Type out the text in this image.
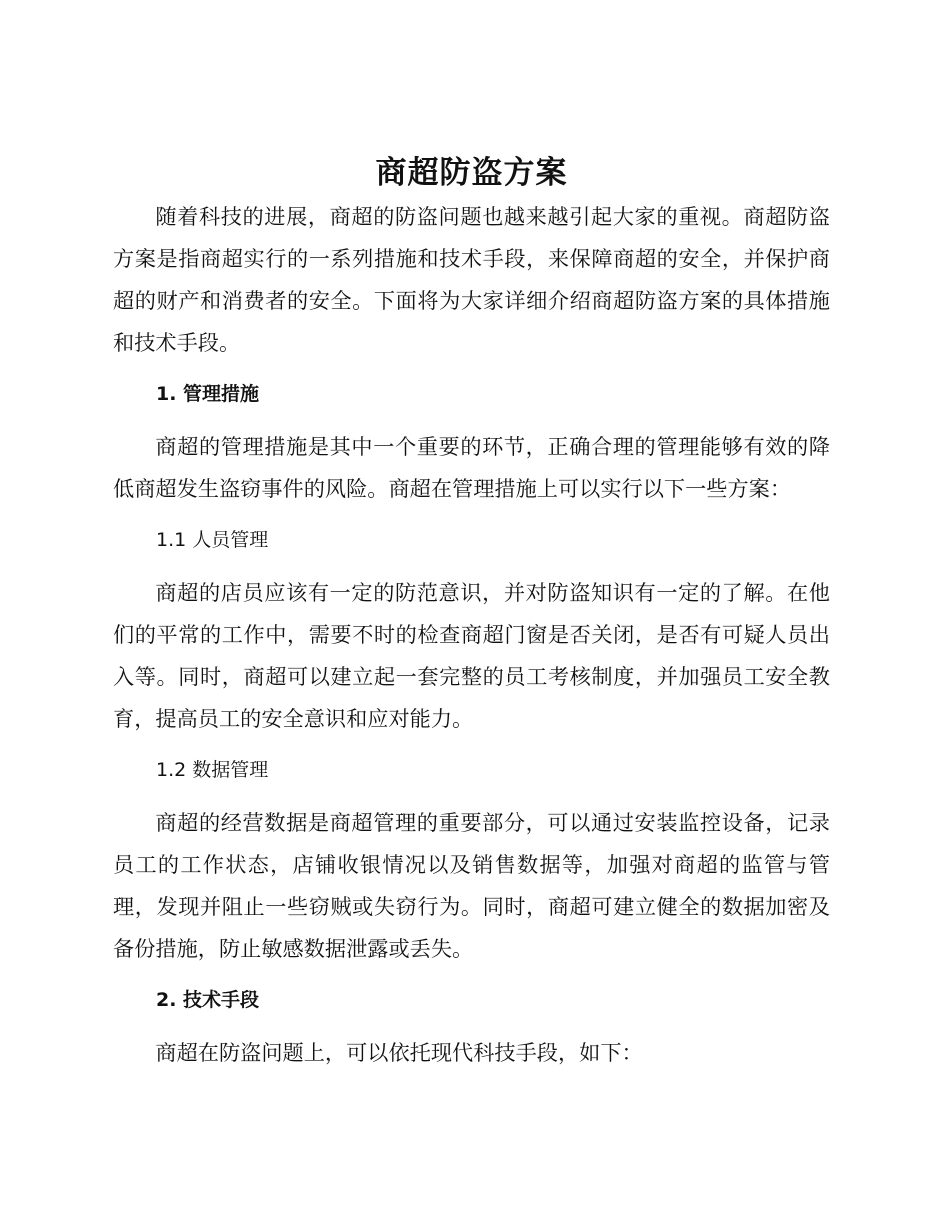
商超防盗方案

随着科技的进展，商超的防盗问题也越来越引起大家的重视。商超防盗方案是指商超实行的一系列措施和技术手段，来保障商超的安全，并保护商超的财产和消费者的安全。下面将为大家详细介绍商超防盗方案的具体措施和技术手段。

1. 管理措施

商超的管理措施是其中一个重要的环节，正确合理的管理能够有效的降低商超发生盗窃事件的风险。商超在管理措施上可以实行以下一些方案：

1.1 人员管理

商超的店员应该有一定的防范意识，并对防盗知识有一定的了解。在他们的平常的工作中，需要不时的检查商超门窗是否关闭，是否有可疑人员出入等。同时，商超可以建立起一套完整的员工考核制度，并加强员工安全教育，提高员工的安全意识和应对能力。

1.2 数据管理

商超的经营数据是商超管理的重要部分，可以通过安装监控设备，记录员工的工作状态，店铺收银情况以及销售数据等，加强对商超的监管与管理，发现并阻止一些窃贼或失窃行为。同时，商超可建立健全的数据加密及备份措施，防止敏感数据泄露或丢失。

2. 技术手段

商超在防盗问题上，可以依托现代科技手段，如下：
